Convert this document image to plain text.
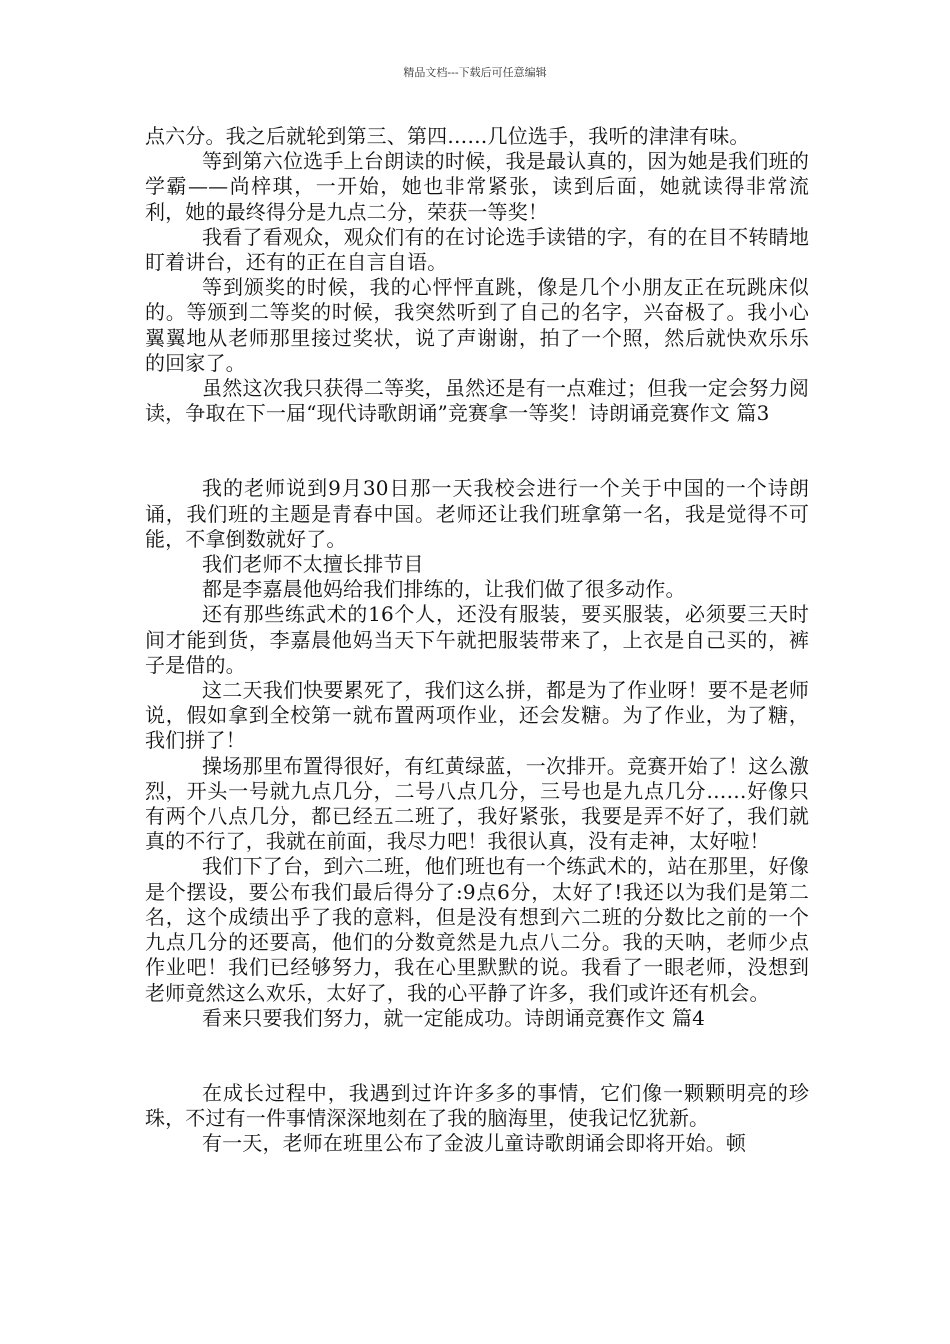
精品文档---下载后可任意编辑

点六分。我之后就轮到第三、第四……几位选手，我听的津津有味。

等到第六位选手上台朗读的时候，我是最认真的，因为她是我们班的学霸——尚梓琪，一开始，她也非常紧张，读到后面，她就读得非常流利，她的最终得分是九点二分，荣获一等奖！

我看了看观众，观众们有的在讨论选手读错的字，有的在目不转睛地盯着讲台，还有的正在自言自语。

等到颁奖的时候，我的心怦怦直跳，像是几个小朋友正在玩跳床似的。等颁到二等奖的时候，我突然听到了自己的名字，兴奋极了。我小心翼翼地从老师那里接过奖状，说了声谢谢，拍了一个照，然后就快欢乐乐的回家了。

虽然这次我只获得二等奖，虽然还是有一点难过；但我一定会努力阅读，争取在下一届“现代诗歌朗诵”竞赛拿一等奖！诗朗诵竞赛作文 篇3

我的老师说到9月30日那一天我校会进行一个关于中国的一个诗朗诵，我们班的主题是青春中国。老师还让我们班拿第一名，我是觉得不可能，不拿倒数就好了。

我们老师不太擅长排节目

都是李嘉晨他妈给我们排练的，让我们做了很多动作。

还有那些练武术的16个人，还没有服装，要买服装，必须要三天时间才能到货，李嘉晨他妈当天下午就把服装带来了，上衣是自己买的，裤子是借的。

这二天我们快要累死了，我们这么拼，都是为了作业呀！要不是老师说，假如拿到全校第一就布置两项作业，还会发糖。为了作业，为了糖，我们拼了！

操场那里布置得很好，有红黄绿蓝，一次排开。竞赛开始了！这么激烈，开头一号就九点几分，二号八点几分，三号也是九点几分……好像只有两个八点几分，都已经五二班了，我好紧张，我要是弄不好了，我们就真的不行了，我就在前面，我尽力吧！我很认真，没有走神，太好啦！

我们下了台，到六二班，他们班也有一个练武术的，站在那里，好像是个摆设，要公布我们最后得分了:9点6分，太好了!我还以为我们是第二名，这个成绩出乎了我的意料，但是没有想到六二班的分数比之前的一个九点几分的还要高，他们的分数竟然是九点八二分。我的天呐，老师少点作业吧！我们已经够努力，我在心里默默的说。我看了一眼老师，没想到老师竟然这么欢乐，太好了，我的心平静了许多，我们或许还有机会。

看来只要我们努力，就一定能成功。诗朗诵竞赛作文 篇4

在成长过程中，我遇到过许许多多的事情，它们像一颗颗明亮的珍珠，不过有一件事情深深地刻在了我的脑海里，使我记忆犹新。

有一天，老师在班里公布了金波儿童诗歌朗诵会即将开始。顿
